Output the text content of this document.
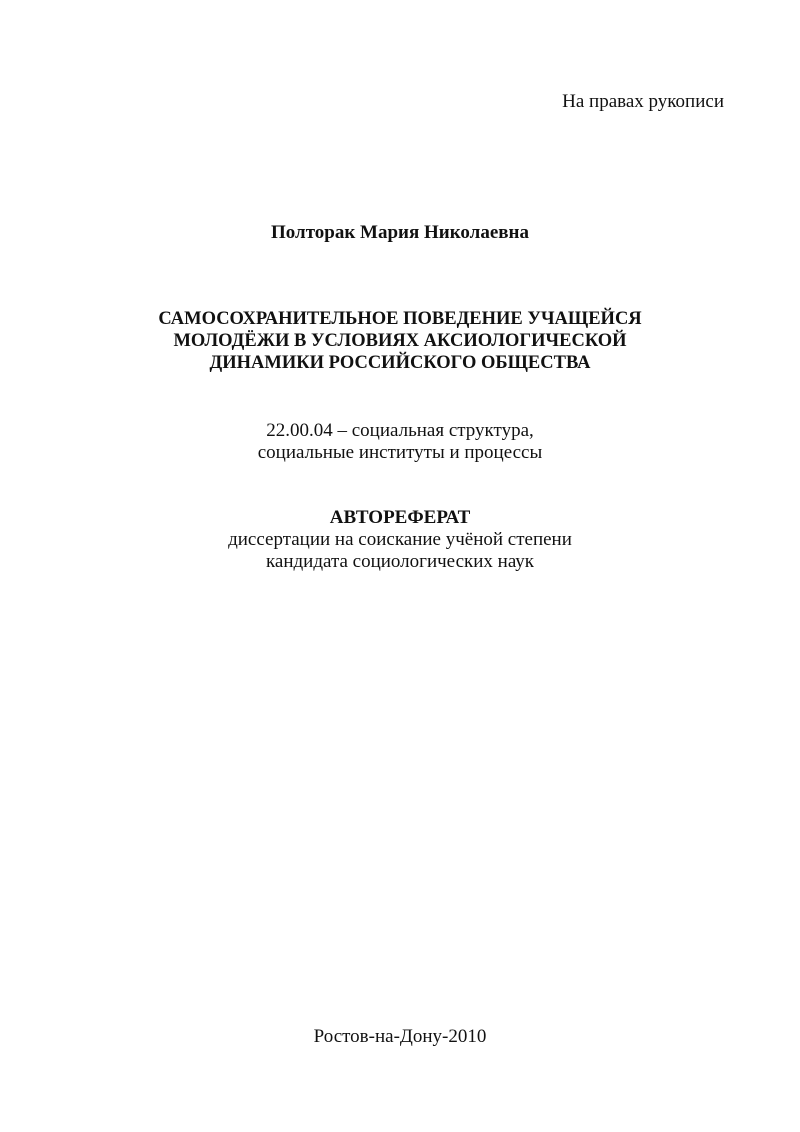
На правах рукописи
Полторак Мария Николаевна
САМОСОХРАНИТЕЛЬНОЕ ПОВЕДЕНИЕ УЧАЩЕЙСЯ
МОЛОДЁЖИ В УСЛОВИЯХ АКСИОЛОГИЧЕСКОЙ
ДИНАМИКИ РОССИЙСКОГО ОБЩЕСТВА
22.00.04 – социальная структура,
социальные институты и процессы
АВТОРЕФЕРАТ
диссертации на соискание учёной степени
кандидата социологических наук
Ростов-на-Дону-2010
